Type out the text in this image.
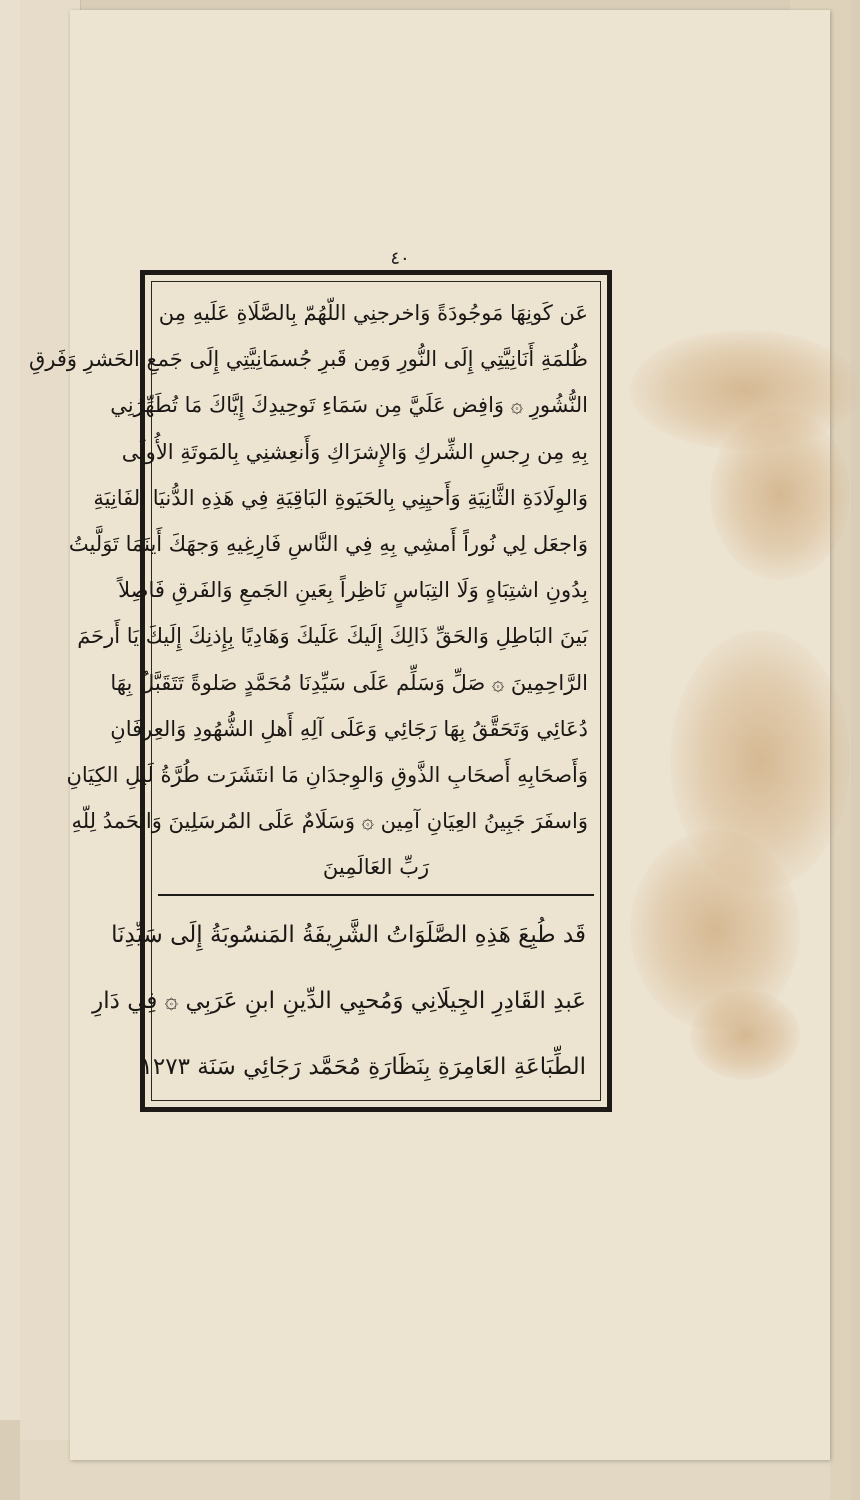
٤٠
عَن كَونِهَا مَوجُودَةً وَاخرجنِي اللّهُمّ بِالصَّلَاةِ عَلَيهِ مِن
ظُلمَةِ أَنَانِيَّتِي إِلَى النُّورِ وَمِن قَبرِ جُسمَانِيَّتِي إِلَى جَمعِ الحَشرِ وَفَرقِ
النُّشُورِ ۞ وَافِض عَلَيَّ مِن سَمَاءِ تَوحِيدِكَ إِيَّاكَ مَا تُطَهِّرُنِي
بِهِ مِن رِجسِ الشِّركِ وَالإِشرَاكِ وَأَنعِشنِي بِالمَوتَةِ الأُولَى
وَالوِلَادَةِ الثَّانِيَةِ وَأَحيِنِي بِالحَيَوةِ البَاقِيَةِ فِي هَذِهِ الدُّنيَا الفَانِيَةِ
وَاجعَل لِي نُوراً أَمشِي بِهِ فِي النَّاسِ فَارِغِيهِ وَجهَكَ أَينَمَا تَوَلَّيتُ
بِدُونِ اشتِبَاهٍ وَلَا التِبَاسٍ نَاظِراً بِعَينِ الجَمعِ وَالفَرقِ فَاصِلاً
بَينَ البَاطِلِ وَالحَقِّ ذَالِكَ إِلَيكَ عَلَيكَ وَهَادِيًا بِإِذنِكَ إِلَيكَ يَا أَرحَمَ
الرَّاحِمِينَ ۞ صَلِّ وَسَلِّم عَلَى سَيِّدِنَا مُحَمَّدٍ صَلوةً تَتَقَبَّلُ بِهَا
دُعَائِي وَتَحَقَّقُ بِهَا رَجَائِي وَعَلَى آلِهِ أَهلِ الشُّهُودِ وَالعِرفَانِ
وَأَصحَابِهِ أَصحَابِ الذَّوقِ وَالوِجدَانِ مَا انتَشَرَت طُرَّةُ لَيلِ الكِيَانِ
وَاسفَرَ جَبِينُ العِيَانِ آمِين ۞ وَسَلَامٌ عَلَى المُرسَلِينَ وَالحَمدُ لِلّهِ
رَبِّ العَالَمِينَ
قَد طُبِعَ هَذِهِ الصَّلَوَاتُ الشَّرِيفَةُ المَنسُوبَةُ إِلَى سَيِّدِنَا
عَبدِ القَادِرِ الجِيلَانِي وَمُحيِي الدِّينِ ابنِ عَرَبِي ۞ فِي دَارِ
الطِّبَاعَةِ العَامِرَةِ بِنَظَارَةِ مُحَمَّد رَجَائِي سَنَة ١٢٧٣
